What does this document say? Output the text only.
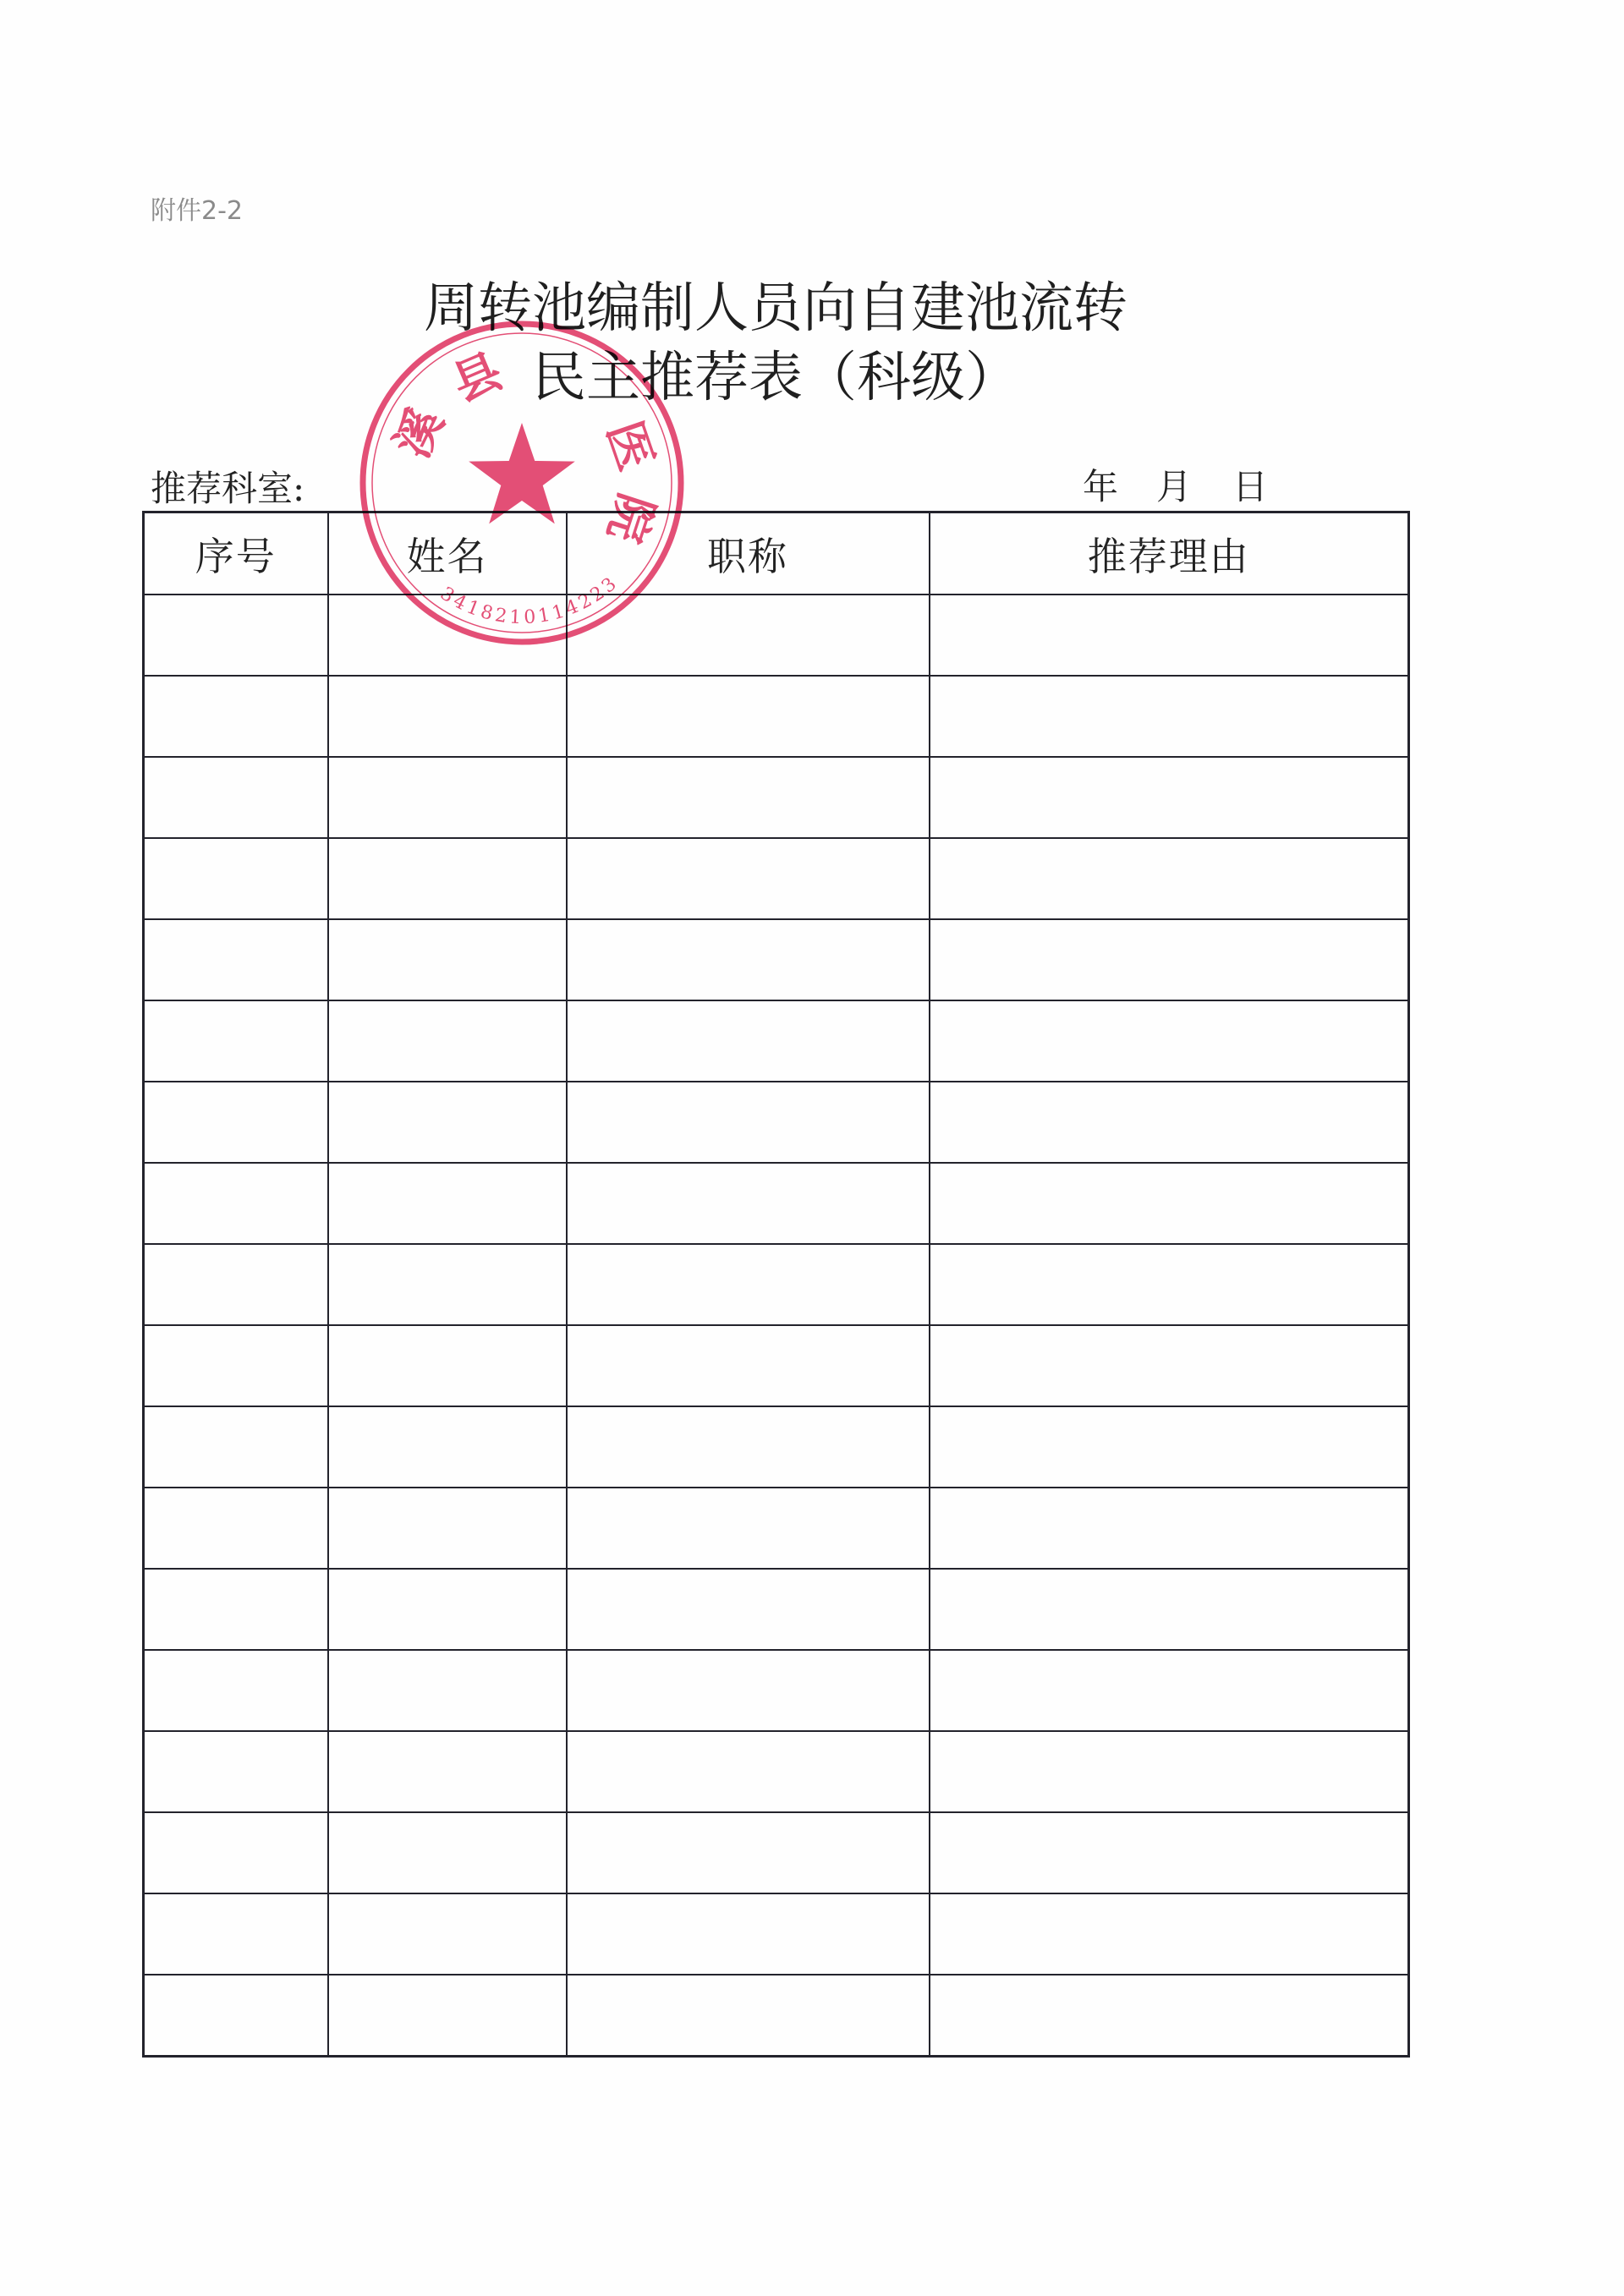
附件2-2
周转池编制人员向自建池流转
民主推荐表（科级）
推荐科室:	年 月 日
序号	姓名	职称	推荐理由

溪
县
医
院
3418210114223
